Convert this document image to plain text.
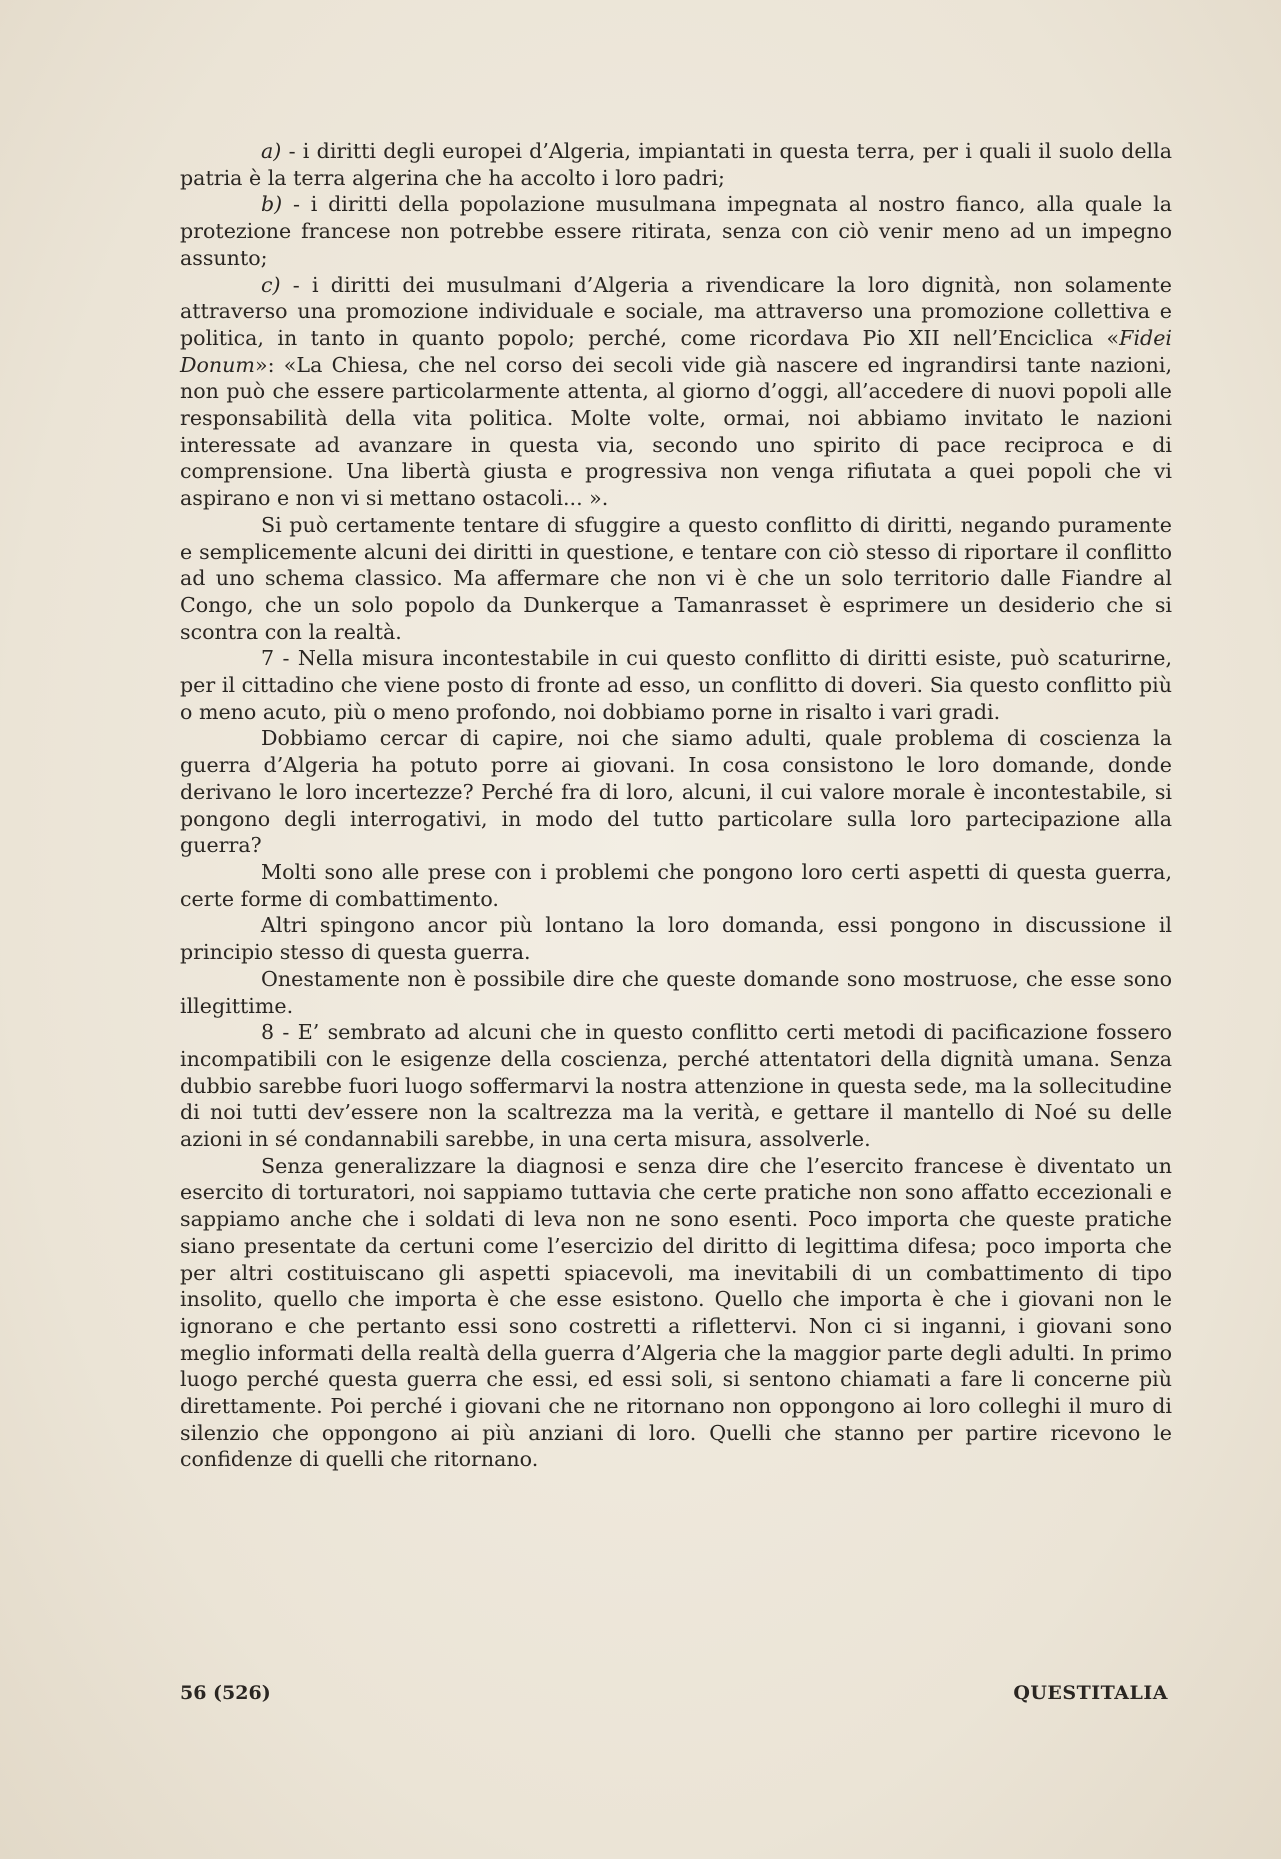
a) - i diritti degli europei d’Algeria, impiantati in questa terra, per i quali il suolo della patria è la terra algerina che ha accolto i loro padri;

b) - i diritti della popolazione musulmana impegnata al nostro fianco, alla quale la protezione francese non potrebbe essere ritirata, senza con ciò venir meno ad un impegno assunto;

c) - i diritti dei musulmani d’Algeria a rivendicare la loro dignità, non solamente attraverso una promozione individuale e sociale, ma attraverso una promozione collettiva e politica, in tanto in quanto popolo; perché, come ricordava Pio XII nell’Enciclica «Fidei Donum»: «La Chiesa, che nel corso dei secoli vide già nascere ed ingrandirsi tante nazioni, non può che essere particolarmente attenta, al giorno d’oggi, all’accedere di nuovi popoli alle responsabilità della vita politica. Molte volte, ormai, noi abbiamo invitato le nazioni interessate ad avanzare in questa via, secondo uno spirito di pace reciproca e di comprensione. Una libertà giusta e progressiva non venga rifiutata a quei popoli che vi aspirano e non vi si mettano ostacoli... ».

Si può certamente tentare di sfuggire a questo conflitto di diritti, negando puramente e semplicemente alcuni dei diritti in questione, e tentare con ciò stesso di riportare il conflitto ad uno schema classico. Ma affermare che non vi è che un solo territorio dalle Fiandre al Congo, che un solo popolo da Dunkerque a Tamanrasset è esprimere un desiderio che si scontra con la realtà.

7 - Nella misura incontestabile in cui questo conflitto di diritti esiste, può scaturirne, per il cittadino che viene posto di fronte ad esso, un conflitto di doveri. Sia questo conflitto più o meno acuto, più o meno profondo, noi dobbiamo porne in risalto i vari gradi.

Dobbiamo cercar di capire, noi che siamo adulti, quale problema di coscienza la guerra d’Algeria ha potuto porre ai giovani. In cosa consistono le loro domande, donde derivano le loro incertezze? Perché fra di loro, alcuni, il cui valore morale è incontestabile, si pongono degli interrogativi, in modo del tutto particolare sulla loro partecipazione alla guerra?

Molti sono alle prese con i problemi che pongono loro certi aspetti di questa guerra, certe forme di combattimento.

Altri spingono ancor più lontano la loro domanda, essi pongono in discussione il principio stesso di questa guerra.

Onestamente non è possibile dire che queste domande sono mostruose, che esse sono illegittime.

8 - E’ sembrato ad alcuni che in questo conflitto certi metodi di pacificazione fossero incompatibili con le esigenze della coscienza, perché attentatori della dignità umana. Senza dubbio sarebbe fuori luogo soffermarvi la nostra attenzione in questa sede, ma la sollecitudine di noi tutti dev’essere non la scaltrezza ma la verità, e gettare il mantello di Noé su delle azioni in sé condannabili sarebbe, in una certa misura, assolverle.

Senza generalizzare la diagnosi e senza dire che l’esercito francese è diventato un esercito di torturatori, noi sappiamo tuttavia che certe pratiche non sono affatto eccezionali e sappiamo anche che i soldati di leva non ne sono esenti. Poco importa che queste pratiche siano presentate da certuni come l’esercizio del diritto di legittima difesa; poco importa che per altri costituiscano gli aspetti spiacevoli, ma inevitabili di un combattimento di tipo insolito, quello che importa è che esse esistono. Quello che importa è che i giovani non le ignorano e che pertanto essi sono costretti a riflettervi. Non ci si inganni, i giovani sono meglio informati della realtà della guerra d’Algeria che la maggior parte degli adulti. In primo luogo perché questa guerra che essi, ed essi soli, si sentono chiamati a fare li concerne più direttamente. Poi perché i giovani che ne ritornano non oppongono ai loro colleghi il muro di silenzio che oppongono ai più anziani di loro. Quelli che stanno per partire ricevono le confidenze di quelli che ritornano.

56 (526)	QUESTITALIA
